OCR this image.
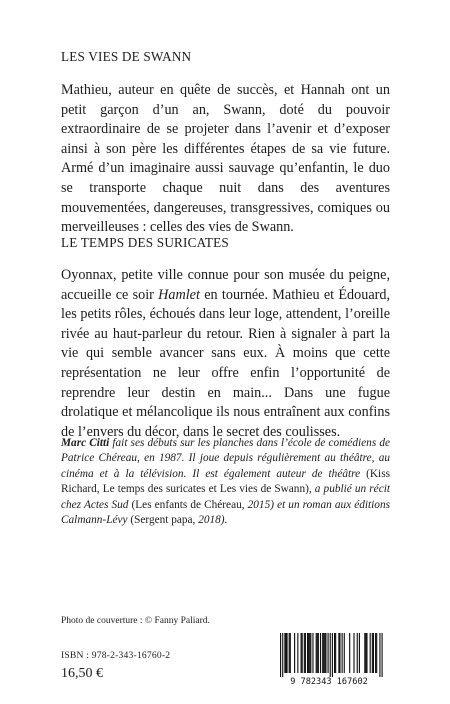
LES VIES DE SWANN

Mathieu, auteur en quête de succès, et Hannah ont un petit garçon d’un an, Swann, doté du pouvoir extraordinaire de se projeter dans l’avenir et d’exposer ainsi à son père les différentes étapes de sa vie future. Armé d’un imaginaire aussi sauvage qu’enfantin, le duo se transporte chaque nuit dans des aventures mouvementées, dangereuses, transgressives, comiques ou merveilleuses : celles des vies de Swann.

LE TEMPS DES SURICATES

Oyonnax, petite ville connue pour son musée du peigne, accueille ce soir Hamlet en tournée. Mathieu et Édouard, les petits rôles, échoués dans leur loge, attendent, l’oreille rivée au haut-parleur du retour. Rien à signaler à part la vie qui semble avancer sans eux. À moins que cette représentation ne leur offre enfin l’opportunité de reprendre leur destin en main... Dans une fugue drolatique et mélancolique ils nous entraînent aux confins de l’envers du décor, dans le secret des coulisses.

Marc Citti fait ses débuts sur les planches dans l’école de comédiens de Patrice Chéreau, en 1987. Il joue depuis régulièrement au théâtre, au cinéma et à la télévision. Il est également auteur de théâtre (Kiss Richard, Le temps des suricates et Les vies de Swann), a publié un récit chez Actes Sud (Les enfants de Chéreau, 2015) et un roman aux éditions Calmann-Lévy (Sergent papa, 2018).

Photo de couverture : © Fanny Paliard.

ISBN : 978-2-343-16760-2

16,50 €

9 782343 167602
